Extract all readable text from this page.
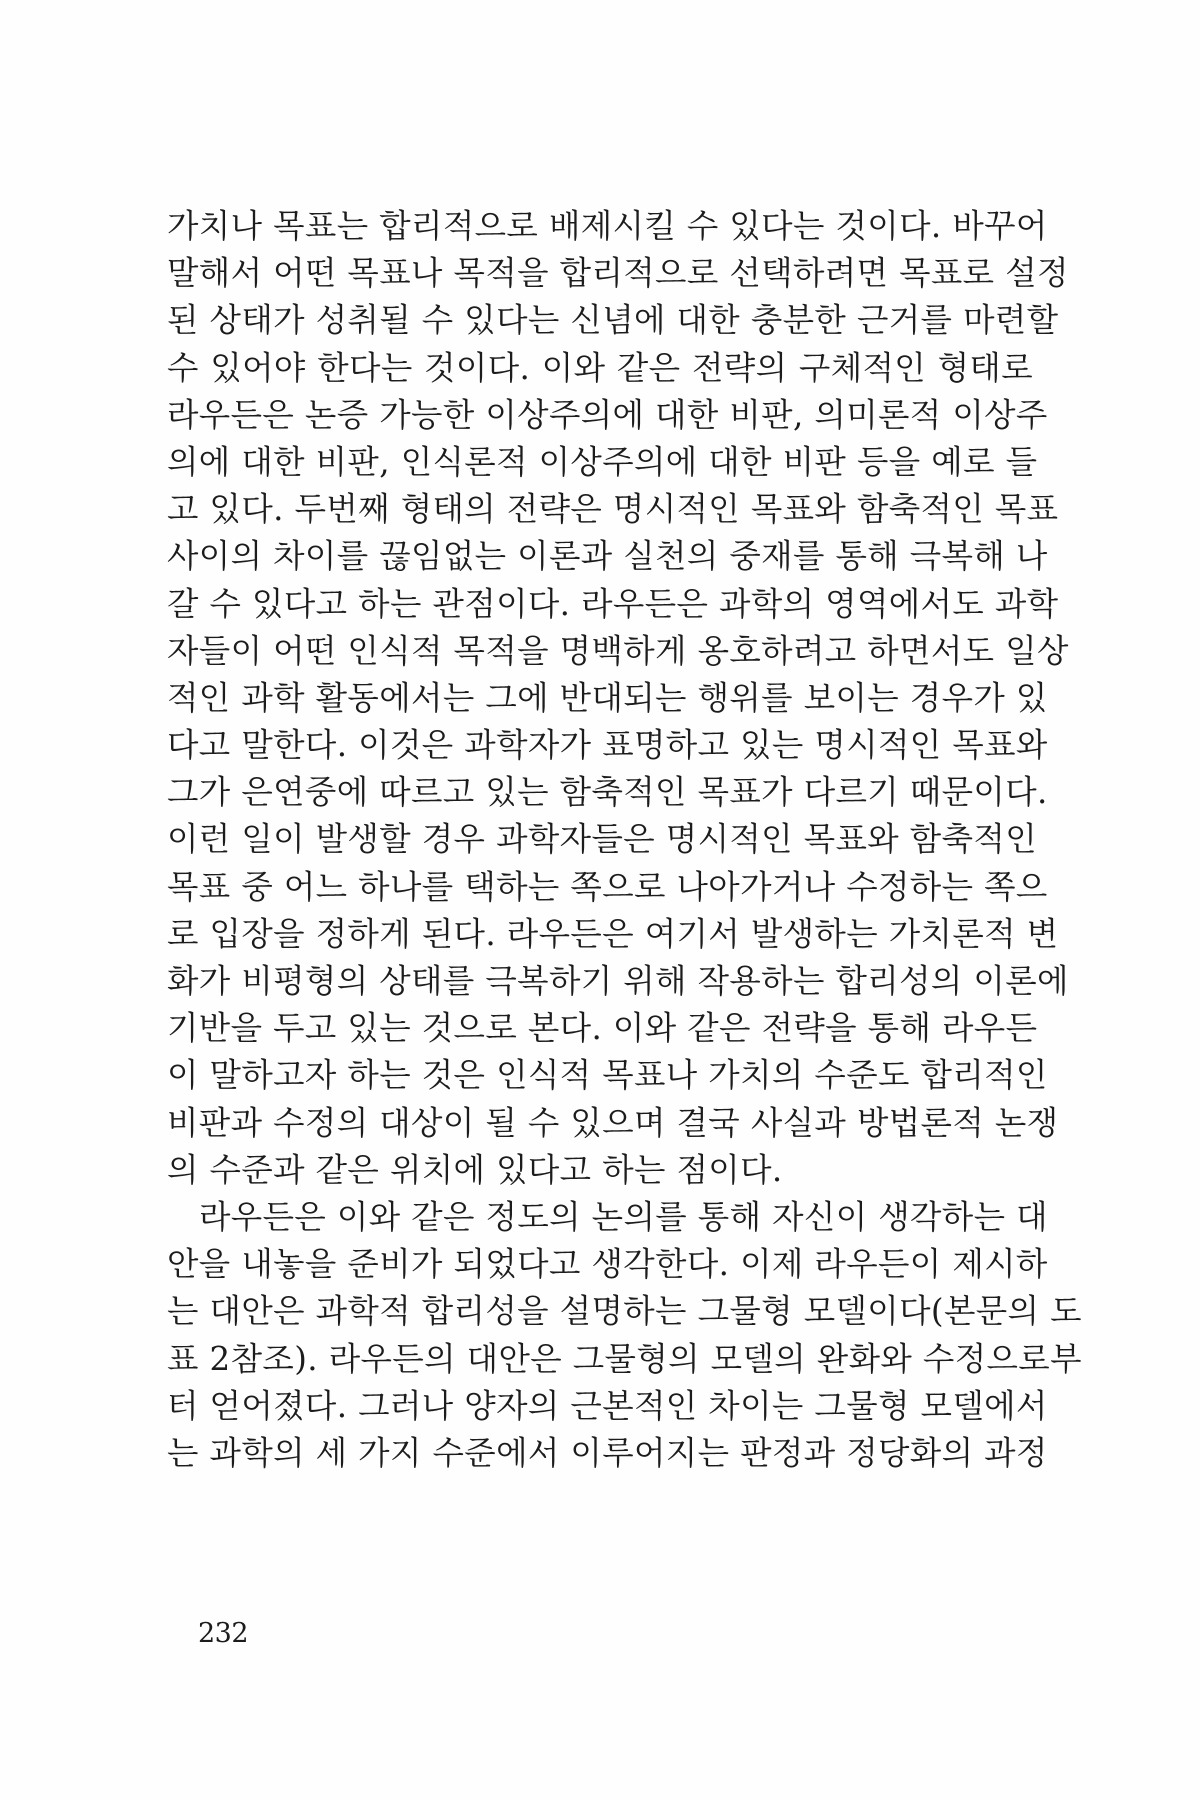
가치나 목표는 합리적으로 배제시킬 수 있다는 것이다. 바꾸어
말해서 어떤 목표나 목적을 합리적으로 선택하려면 목표로 설정
된 상태가 성취될 수 있다는 신념에 대한 충분한 근거를 마련할
수 있어야 한다는 것이다. 이와 같은 전략의 구체적인 형태로
라우든은 논증 가능한 이상주의에 대한 비판, 의미론적 이상주
의에 대한 비판, 인식론적 이상주의에 대한 비판 등을 예로 들
고 있다. 두번째 형태의 전략은 명시적인 목표와 함축적인 목표
사이의 차이를 끊임없는 이론과 실천의 중재를 통해 극복해 나
갈 수 있다고 하는 관점이다. 라우든은 과학의 영역에서도 과학
자들이 어떤 인식적 목적을 명백하게 옹호하려고 하면서도 일상
적인 과학 활동에서는 그에 반대되는 행위를 보이는 경우가 있
다고 말한다. 이것은 과학자가 표명하고 있는 명시적인 목표와
그가 은연중에 따르고 있는 함축적인 목표가 다르기 때문이다.
이런 일이 발생할 경우 과학자들은 명시적인 목표와 함축적인
목표 중 어느 하나를 택하는 쪽으로 나아가거나 수정하는 쪽으
로 입장을 정하게 된다. 라우든은 여기서 발생하는 가치론적 변
화가 비평형의 상태를 극복하기 위해 작용하는 합리성의 이론에
기반을 두고 있는 것으로 본다. 이와 같은 전략을 통해 라우든
이 말하고자 하는 것은 인식적 목표나 가치의 수준도 합리적인
비판과 수정의 대상이 될 수 있으며 결국 사실과 방법론적 논쟁
의 수준과 같은 위치에 있다고 하는 점이다.
라우든은 이와 같은 정도의 논의를 통해 자신이 생각하는 대
안을 내놓을 준비가 되었다고 생각한다. 이제 라우든이 제시하
는 대안은 과학적 합리성을 설명하는 그물형 모델이다(본문의 도
표 2참조). 라우든의 대안은 그물형의 모델의 완화와 수정으로부
터 얻어졌다. 그러나 양자의 근본적인 차이는 그물형 모델에서
는 과학의 세 가지 수준에서 이루어지는 판정과 정당화의 과정
232
